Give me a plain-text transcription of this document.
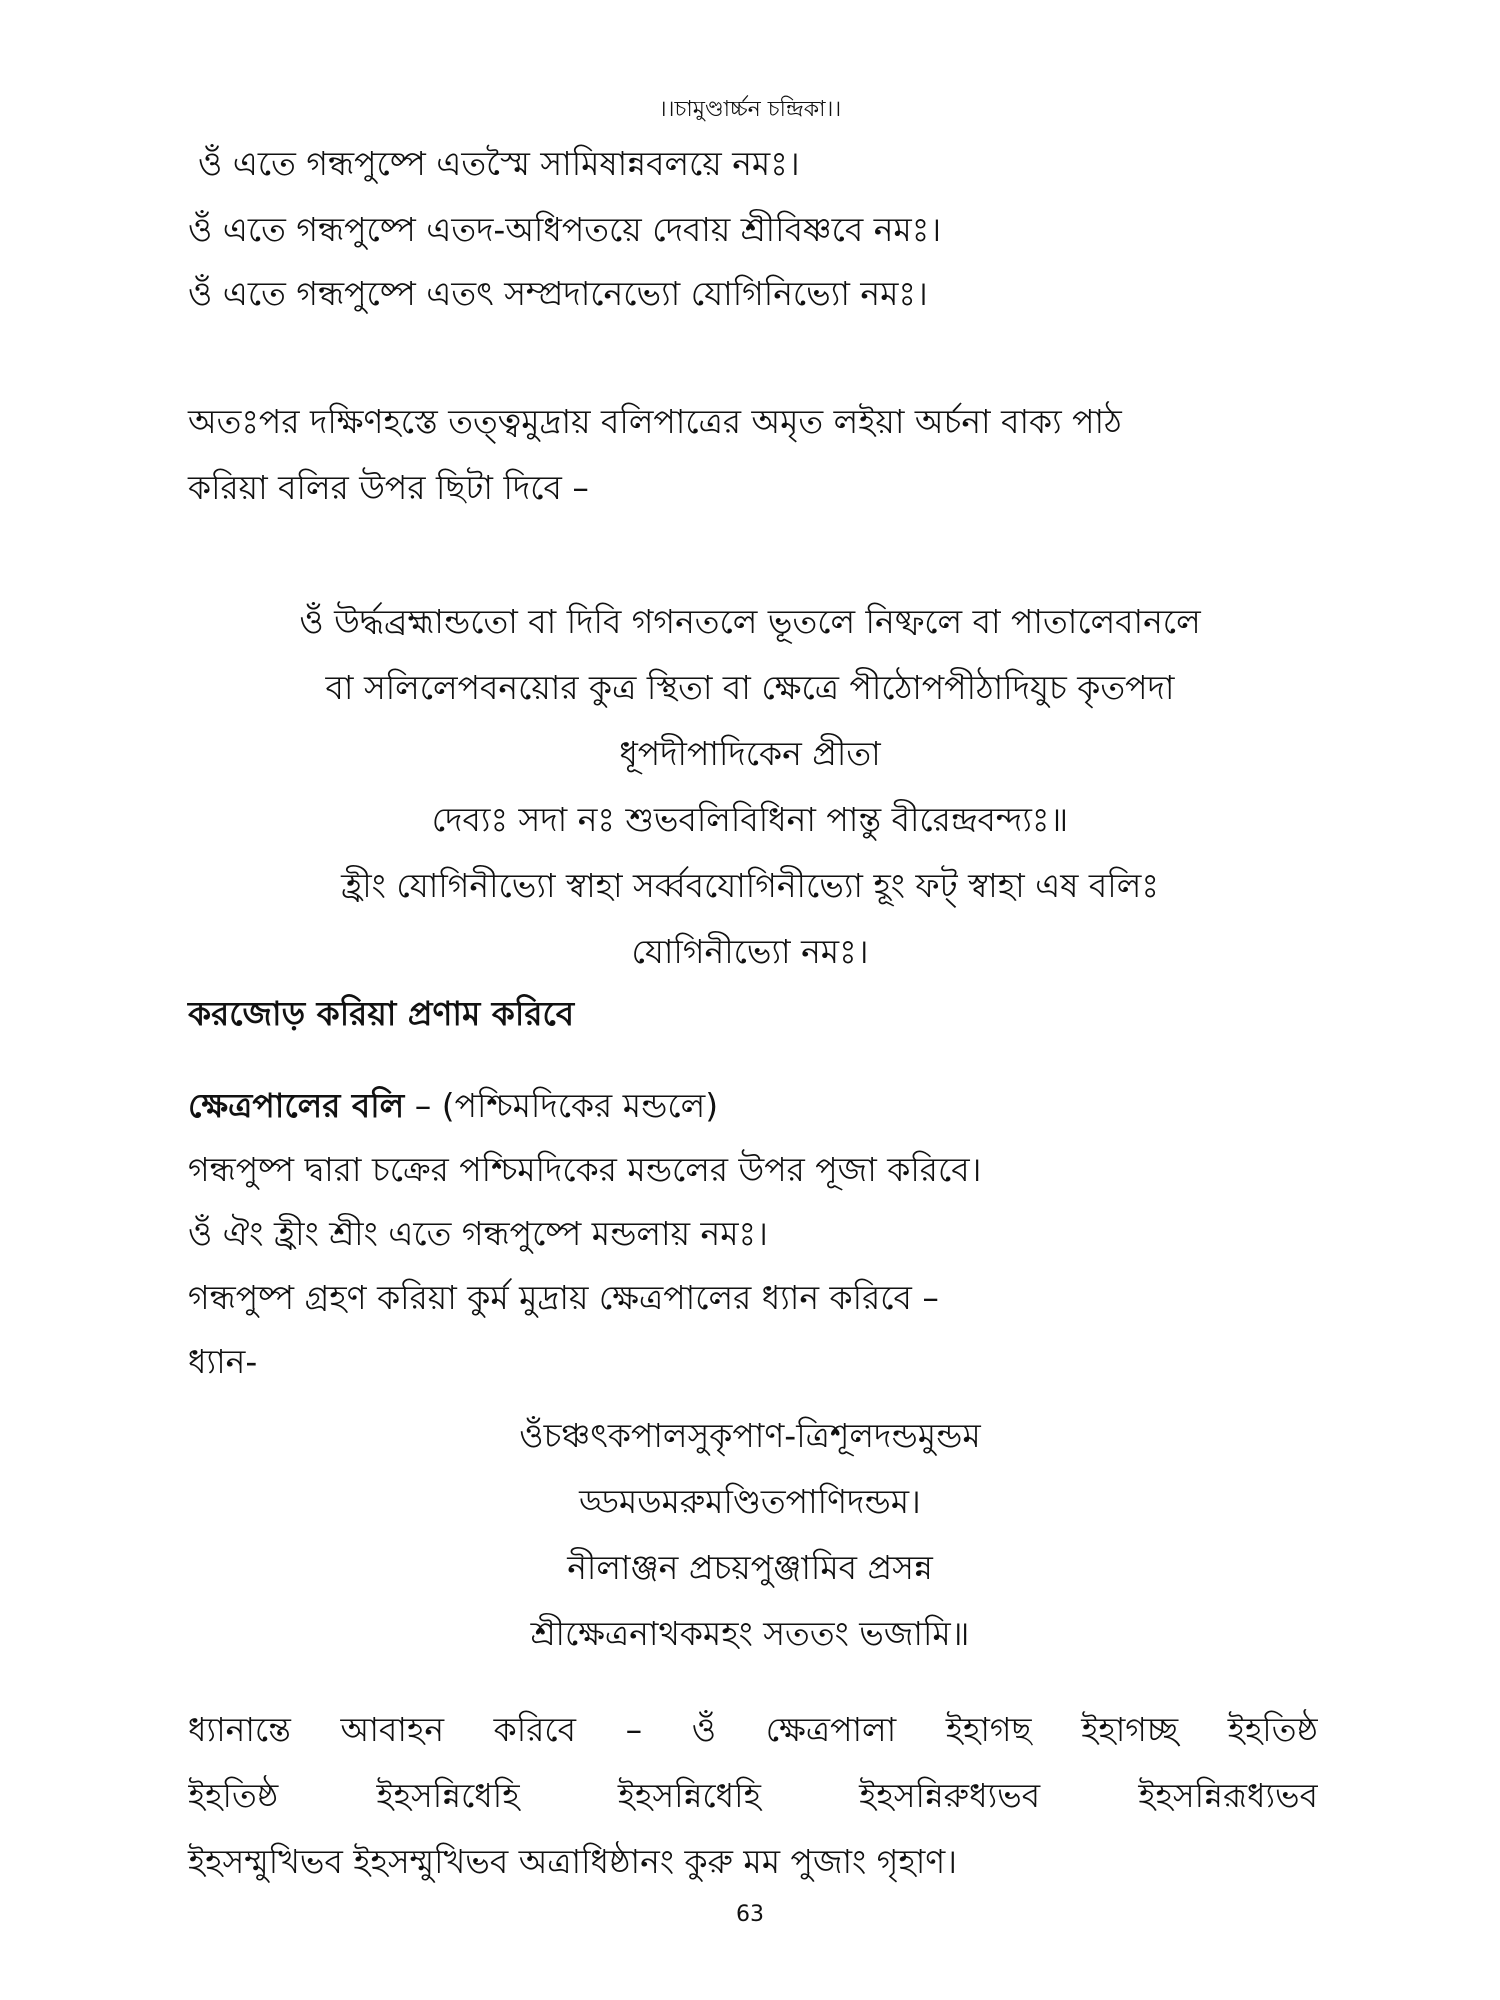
।।চামুণ্ডার্চ্চন চন্দ্রিকা।।
ওঁ এতে গন্ধপুষ্পে এতস্মৈ সামিষান্নবলয়ে নমঃ।
ওঁ এতে গন্ধপুষ্পে এতদ-অধিপতয়ে দেবায় শ্রীবিষ্ণবে নমঃ।
ওঁ এতে গন্ধপুষ্পে এতৎ সম্প্রদানেভ্যো যোগিনিভ্যো নমঃ।
অতঃপর দক্ষিণহস্তে তত্ত্বমুদ্রায় বলিপাত্রের অমৃত লইয়া অর্চনা বাক্য পাঠ
করিয়া বলির উপর ছিটা দিবে –
ওঁ উর্দ্ধব্রহ্মান্ডতো বা দিবি গগনতলে ভূতলে নিষ্ফলে বা পাতালেবানলে
বা সলিলেপবনয়োর কুত্র স্থিতা বা ক্ষেত্রে পীঠোপপীঠাদিযুচ কৃতপদা
ধূপদীপাদিকেন প্রীতা
দেব্যঃ সদা নঃ শুভবলিবিধিনা পান্তু বীরেন্দ্রবন্দ্যঃ॥
হ্রীং যোগিনীভ্যো স্বাহা সর্ব্ববযোগিনীভ্যো হূং ফট্ স্বাহা এষ বলিঃ
যোগিনীভ্যো নমঃ।
করজোড় করিয়া প্রণাম করিবে
ক্ষেত্রপালের বলি – (পশ্চিমদিকের মন্ডলে)
গন্ধপুষ্প দ্বারা চক্রের পশ্চিমদিকের মন্ডলের উপর পূজা করিবে।
ওঁ ঐং হ্রীং শ্রীং এতে গন্ধপুষ্পে মন্ডলায় নমঃ।
গন্ধপুষ্প গ্রহণ করিয়া কুর্ম মুদ্রায় ক্ষেত্রপালের ধ্যান করিবে –
ধ্যান-
ওঁচঞ্চৎকপালসুকৃপাণ-ত্রিশূলদন্ডমুন্ডম
ড্ডমডমরুমণ্ডিতপাণিদন্ডম।
নীলাঞ্জন প্রচয়পুঞ্জামিব প্রসন্ন
শ্রীক্ষেত্রনাথকমহং সততং ভজামি॥
ধ্যানান্তে আবাহন করিবে – ওঁ ক্ষেত্রপালা ইহাগছ ইহাগচ্ছ ইহতিষ্ঠ
ইহতিষ্ঠ ইহসন্নিধেহি ইহসন্নিধেহি ইহসন্নিরুধ্যভব ইহসন্নিরূধ্যভব
ইহসম্মুখিভব ইহসম্মুখিভব অত্রাধিষ্ঠানং কুরু মম পুজাং গৃহাণ।
63
